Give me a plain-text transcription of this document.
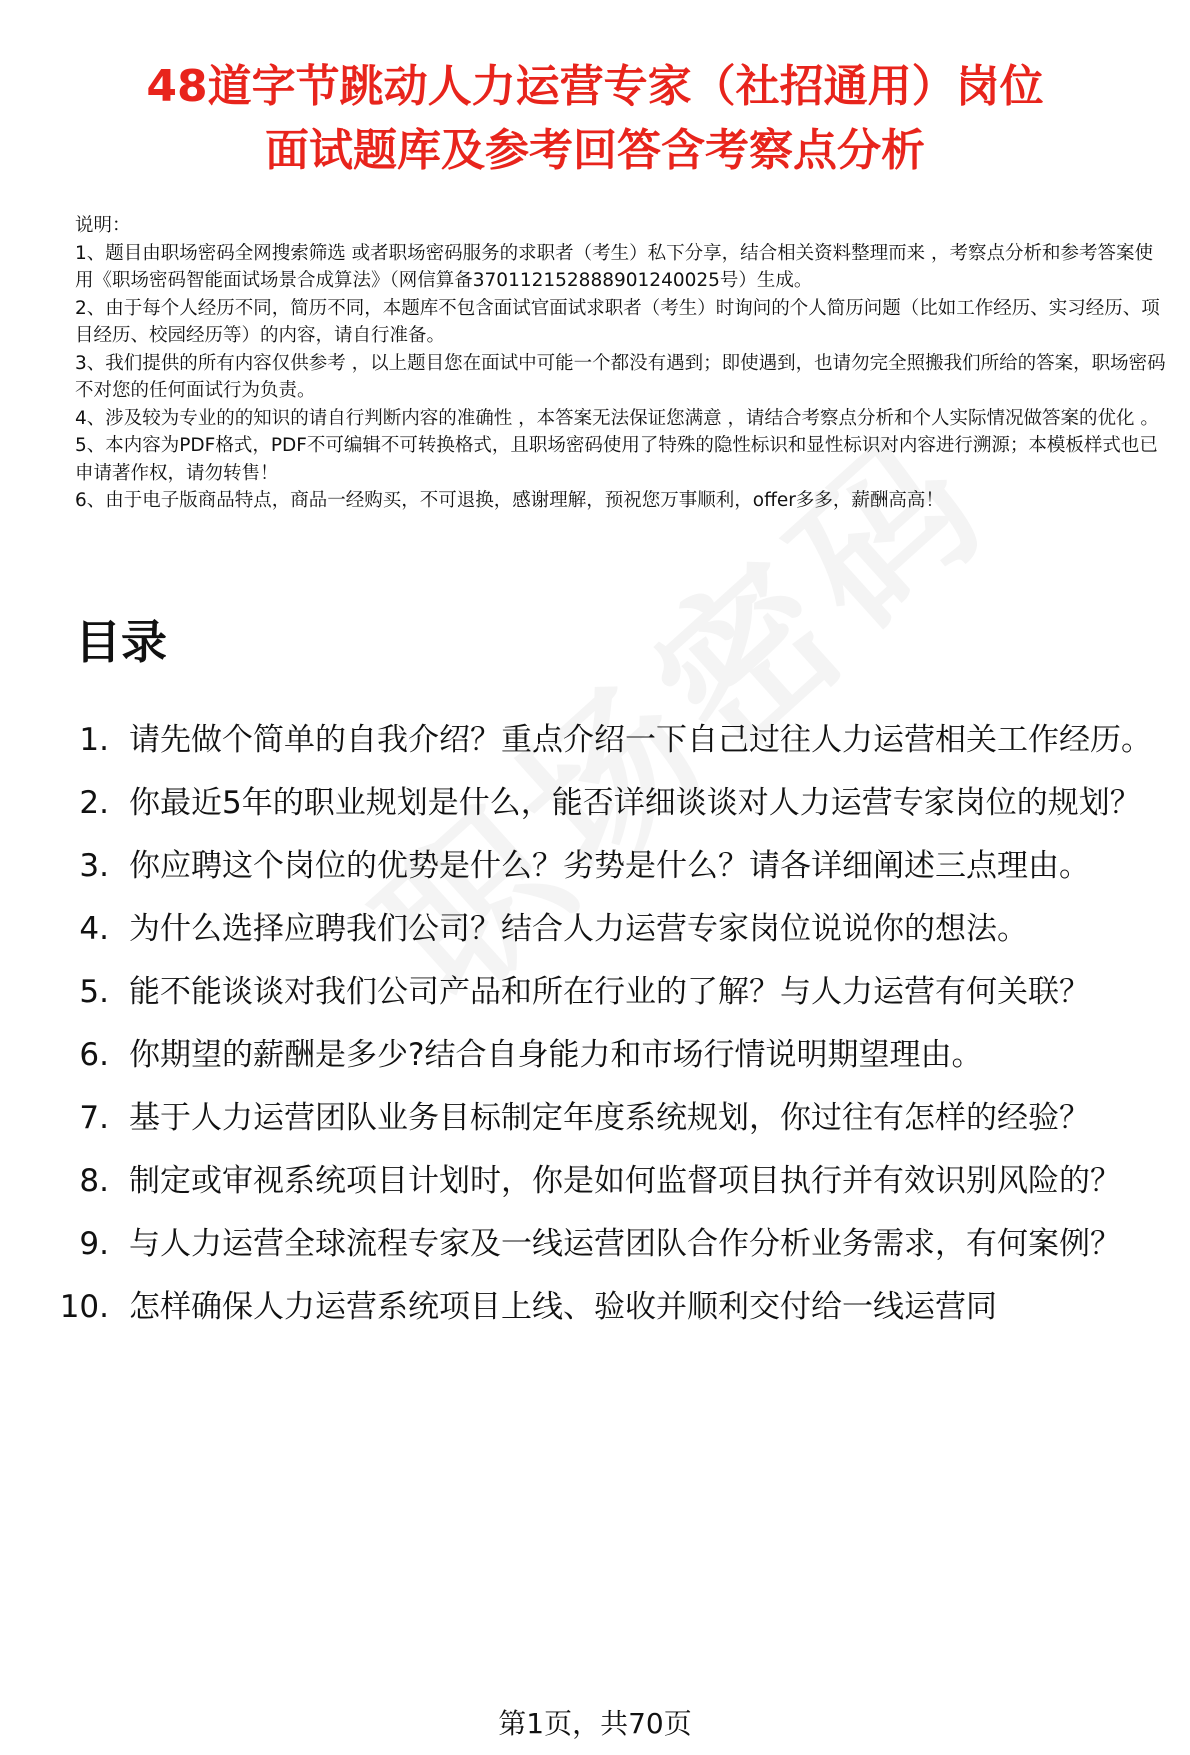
48道字节跳动人力运营专家（社招通用）岗位
面试题库及参考回答含考察点分析

说明：

1、题目由职场密码全网搜索筛选 或者职场密码服务的求职者（考生）私下分享，结合相关资料整理而来 ，考察点分析和参考答案使用《职场密码智能面试场景合成算法》（网信算备370112152888901240025号）生成。

2、由于每个人经历不同，简历不同，本题库不包含面试官面试求职者（考生）时询问的个人简历问题（比如工作经历、实习经历、项目经历、校园经历等）的内容，请自行准备。

3、我们提供的所有内容仅供参考 ，以上题目您在面试中可能一个都没有遇到；即使遇到，也请勿完全照搬我们所给的答案，职场密码不对您的任何面试行为负责。

4、涉及较为专业的的知识的请自行判断内容的准确性 ，本答案无法保证您满意 ，请结合考察点分析和个人实际情况做答案的优化 。

5、本内容为PDF格式，PDF不可编辑不可转换格式，且职场密码使用了特殊的隐性标识和显性标识对内容进行溯源；本模板样式也已申请著作权，请勿转售！

6、由于电子版商品特点，商品一经购买，不可退换，感谢理解，预祝您万事顺利，offer多多，薪酬高高！

目录
1. 请先做个简单的自我介绍？重点介绍一下自己过往人力运营相关工作经历。
2. 你最近5年的职业规划是什么，能否详细谈谈对人力运营专家岗位的规划？
3. 你应聘这个岗位的优势是什么？劣势是什么？请各详细阐述三点理由。
4. 为什么选择应聘我们公司？结合人力运营专家岗位说说你的想法。
5. 能不能谈谈对我们公司产品和所在行业的了解？与人力运营有何关联？
6. 你期望的薪酬是多少?结合自身能力和市场行情说明期望理由。
7. 基于人力运营团队业务目标制定年度系统规划，你过往有怎样的经验？
8. 制定或审视系统项目计划时，你是如何监督项目执行并有效识别风险的？
9. 与人力运营全球流程专家及一线运营团队合作分析业务需求，有何案例？
10. 怎样确保人力运营系统项目上线、验收并顺利交付给一线运营同
第1页，共70页
